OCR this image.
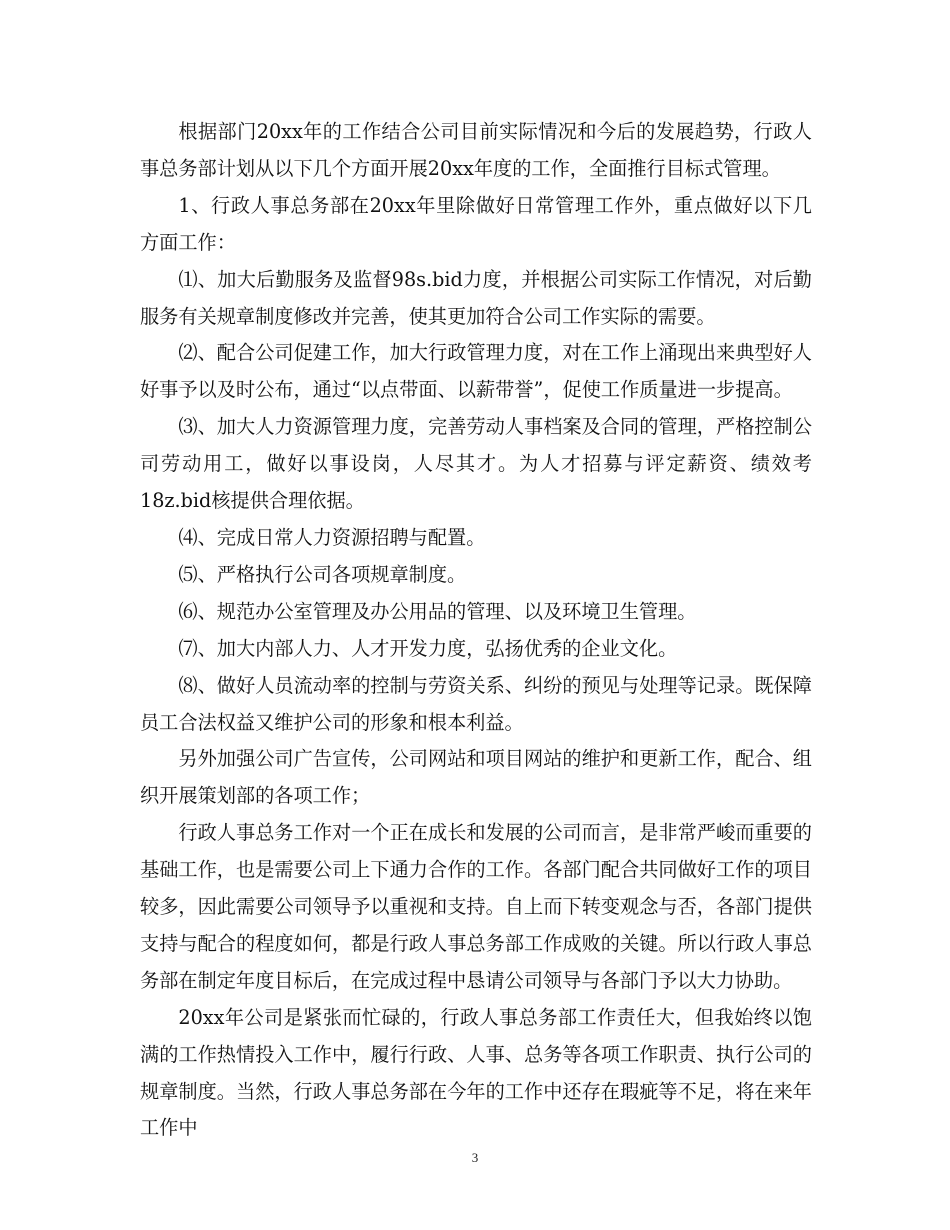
根据部门20xx年的工作结合公司目前实际情况和今后的发展趋势，行政人事总务部计划从以下几个方面开展20xx年度的工作，全面推行目标式管理。

1、行政人事总务部在20xx年里除做好日常管理工作外，重点做好以下几方面工作：

⑴、加大后勤服务及监督98s.bid力度，并根据公司实际工作情况，对后勤服务有关规章制度修改并完善，使其更加符合公司工作实际的需要。

⑵、配合公司促建工作，加大行政管理力度，对在工作上涌现出来典型好人好事予以及时公布，通过“以点带面、以薪带誉”，促使工作质量进一步提高。

⑶、加大人力资源管理力度，完善劳动人事档案及合同的管理，严格控制公司劳动用工，做好以事设岗，人尽其才。为人才招募与评定薪资、绩效考18z.bid核提供合理依据。

⑷、完成日常人力资源招聘与配置。

⑸、严格执行公司各项规章制度。

⑹、规范办公室管理及办公用品的管理、以及环境卫生管理。

⑺、加大内部人力、人才开发力度，弘扬优秀的企业文化。

⑻、做好人员流动率的控制与劳资关系、纠纷的预见与处理等记录。既保障员工合法权益又维护公司的形象和根本利益。

另外加强公司广告宣传，公司网站和项目网站的维护和更新工作，配合、组织开展策划部的各项工作；

行政人事总务工作对一个正在成长和发展的公司而言，是非常严峻而重要的基础工作，也是需要公司上下通力合作的工作。各部门配合共同做好工作的项目较多，因此需要公司领导予以重视和支持。自上而下转变观念与否，各部门提供支持与配合的程度如何，都是行政人事总务部工作成败的关键。所以行政人事总务部在制定年度目标后，在完成过程中恳请公司领导与各部门予以大力协助。

20xx年公司是紧张而忙碌的，行政人事总务部工作责任大，但我始终以饱满的工作热情投入工作中，履行行政、人事、总务等各项工作职责、执行公司的规章制度。当然，行政人事总务部在今年的工作中还存在瑕疵等不足，将在来年工作中

3
